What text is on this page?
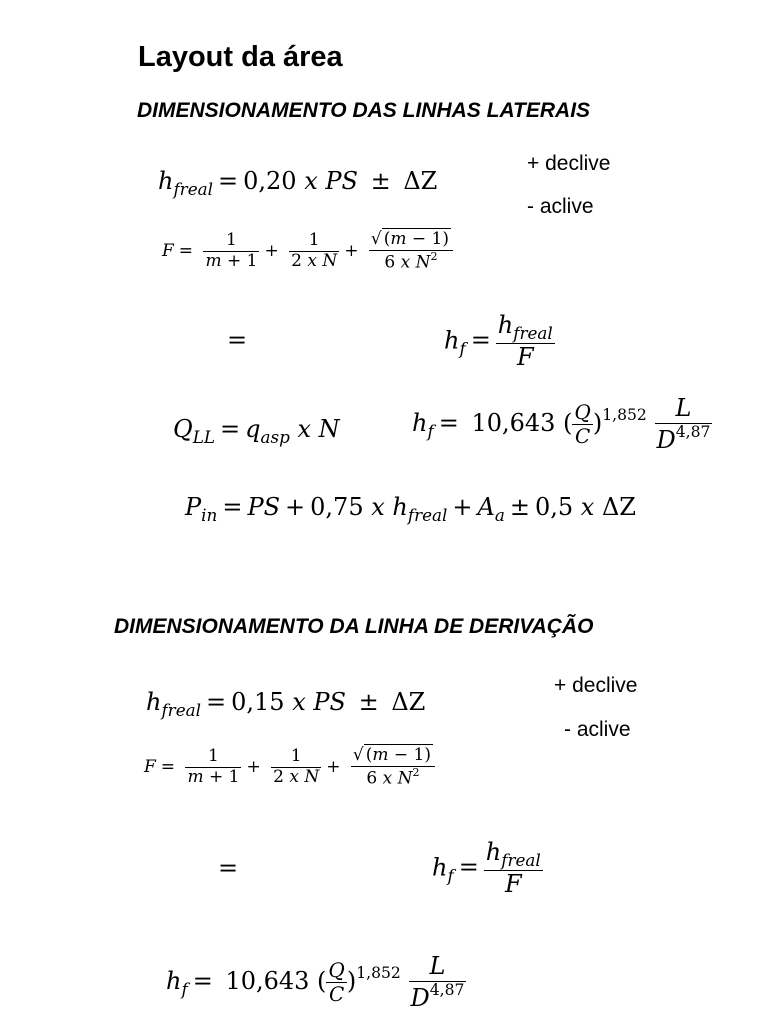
Layout da área
DIMENSIONAMENTO DAS LINHAS LATERAIS
$h_{freal} = 0,20$ x PS ± ΔZ
+ declive
- aclive
$F = \frac{1}{m + 1} + \frac{1}{\text{2 x N}} + \frac{√ (m - 1)}{6 x N^2}$
=	$h_f = \frac{h_{freal}}{F}$
$Q_{LL} = q_{asp}$ x N	$h_f = 10,643$ ( $\frac{Q}{C} )^{1,852} \frac{L}{D^{4,87}}$
$P_{in}$ = PS + 0,75 x $h_{freal} + A_a \pm 0,5$ x ΔZ
DIMENSIONAMENTO DA LINHA DE DERIVAÇÃO
$h_{freal} = 0,15$ x PS ± ΔZ
+ declive
- aclive
$F = \frac{1}{m + 1} + \frac{1}{\text{2 x N}} + \frac{√ (m - 1)}{6 x N^2}$
=	$h_f = \frac{h_{freal}}{F}$
$h_f = 10,643$ ( $\frac{Q}{C} )^{1,852} \frac{L}{D^{4,87}}$
